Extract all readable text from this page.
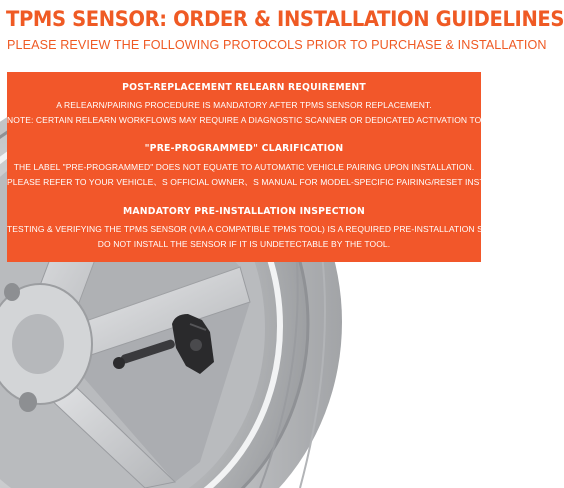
TPMS SENSOR: ORDER & INSTALLATION GUIDELINES

PLEASE REVIEW THE FOLLOWING PROTOCOLS PRIOR TO PURCHASE & INSTALLATION

POST-REPLACEMENT RELEARN REQUIREMENT

A RELEARN/PAIRING PROCEDURE IS MANDATORY AFTER TPMS SENSOR REPLACEMENT.

NOTE: CERTAIN RELEARN WORKFLOWS MAY REQUIRE A DIAGNOSTIC SCANNER OR DEDICATED ACTIVATION TOOL.

"PRE-PROGRAMMED" CLARIFICATION

THE LABEL "PRE-PROGRAMMED" DOES NOT EQUATE TO AUTOMATIC VEHICLE PAIRING UPON INSTALLATION.

PLEASE REFER TO YOUR VEHICLE、S OFFICIAL OWNER、S MANUAL FOR MODEL-SPECIFIC PAIRING/RESET INSTRUCTIONS.

MANDATORY PRE-INSTALLATION INSPECTION

TESTING & VERIFYING THE TPMS SENSOR (VIA A COMPATIBLE TPMS TOOL) IS A REQUIRED PRE-INSTALLATION STEP.

DO NOT INSTALL THE SENSOR IF IT IS UNDETECTABLE BY THE TOOL.
